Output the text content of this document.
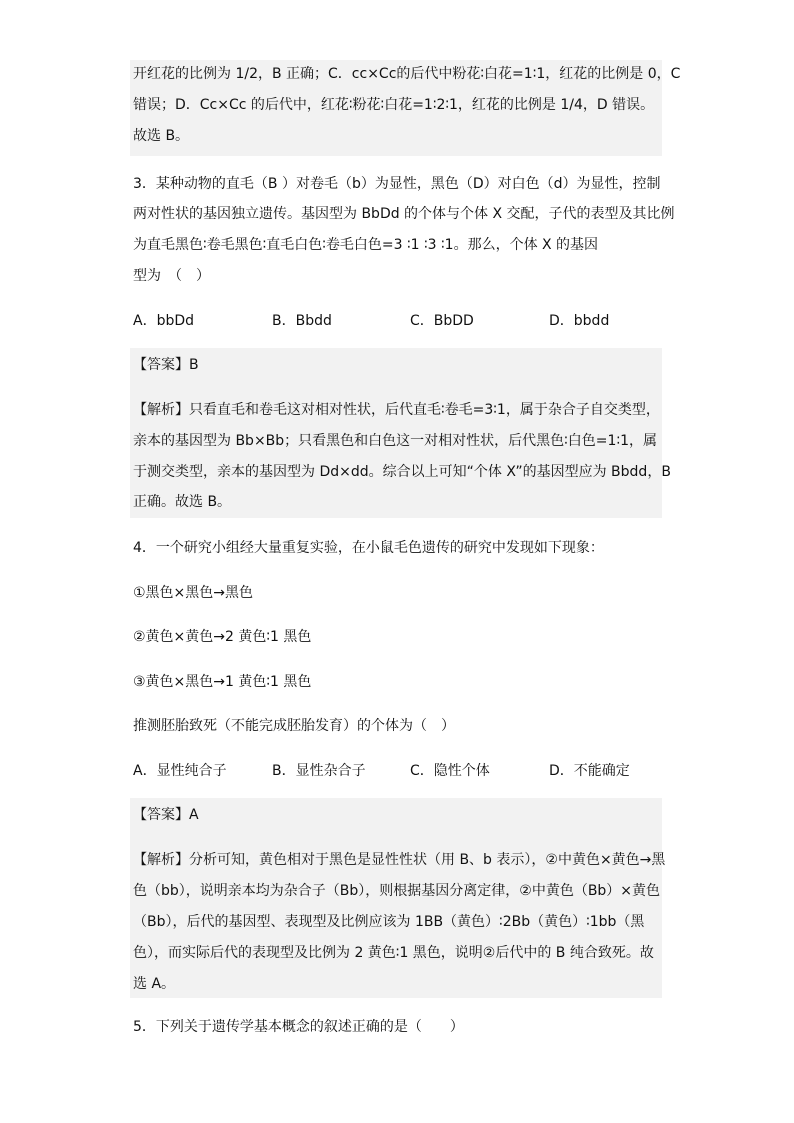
开红花的比例为 1/2，B 正确；C．cc×Cc的后代中粉花∶白花=1∶1，红花的比例是 0，C
错误；D．Cc×Cc 的后代中，红花∶粉花∶白花=1∶2∶1，红花的比例是 1/4，D 错误。
故选 B。
3．某种动物的直毛（B ）对卷毛（b）为显性，黑色（D）对白色（d）为显性，控制
两对性状的基因独立遗传。基因型为 BbDd 的个体与个体 X 交配，子代的表型及其比例
为直毛黑色∶卷毛黑色∶直毛白色∶卷毛白色=3 ∶1 ∶3 ∶1。那么，个体 X 的基因
型为　（　）
A．bbDd	B．Bbdd	C．BbDD	D．bbdd
【答案】B
【解析】只看直毛和卷毛这对相对性状，后代直毛∶卷毛=3∶1，属于杂合子自交类型，
亲本的基因型为 Bb×Bb；只看黑色和白色这一对相对性状，后代黑色∶白色=1∶1，属
于测交类型，亲本的基因型为 Dd×dd。综合以上可知“个体 X”的基因型应为 Bbdd，B
正确。故选 B。
4．一个研究小组经大量重复实验，在小鼠毛色遗传的研究中发现如下现象：
①黑色×黑色→黑色
②黄色×黄色→2 黄色∶1 黑色
③黄色×黑色→1 黄色∶1 黑色
推测胚胎致死（不能完成胚胎发育）的个体为（　）
A．显性纯合子	B．显性杂合子	C．隐性个体	D．不能确定
【答案】A
【解析】分析可知，黄色相对于黑色是显性性状（用 B、b 表示），②中黄色×黄色→黑
色（bb），说明亲本均为杂合子（Bb），则根据基因分离定律，②中黄色（Bb）×黄色
（Bb），后代的基因型、表现型及比例应该为 1BB（黄色）∶2Bb（黄色）∶1bb（黑
色），而实际后代的表现型及比例为 2 黄色∶1 黑色，说明②后代中的 B 纯合致死。故
选 A。
5．下列关于遗传学基本概念的叙述正确的是（　　）
